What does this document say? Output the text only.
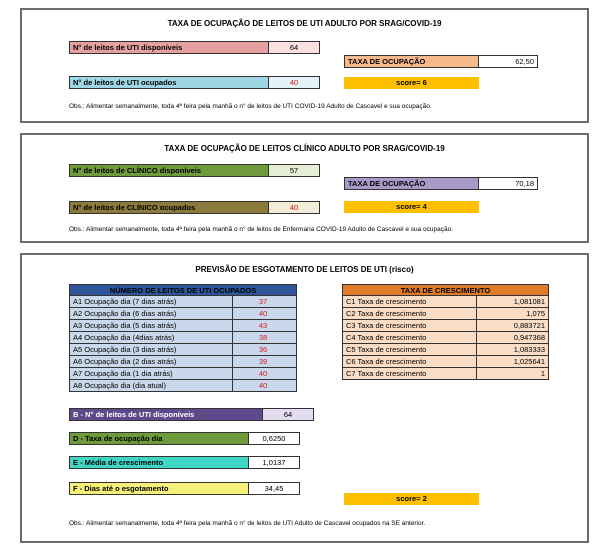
TAXA DE OCUPAÇÃO DE LEITOS DE UTI ADULTO POR SRAG/COVID-19
N° de leitos de UTI disponíveis	64
TAXA DE OCUPAÇÃO	62,50
N° de leitos de UTI ocupados	40	score= 6
Obs.: Alimentar semanalmente, toda 4ª feira pela manhã o n° de leitos de UTI COVID-19 Adulto de Cascavel e sua ocupação.
TAXA DE OCUPAÇÃO DE LEITOS CLÍNICO ADULTO POR SRAG/COVID-19
N° de leitos de CLÍNICO disponíveis	57
TAXA DE OCUPAÇÃO	70,18
N° de leitos de CLÍNICO ocupados	40	score= 4
Obs.: Alimentar semanalmente, toda 4ª feira pela manhã o n° de leitos de Enfermaria COVID-19 Adulto de Cascavel e sua ocupação.
PREVISÃO DE ESGOTAMENTO DE LEITOS DE UTI (risco)
NÚMERO DE LEITOS DE UTI OCUPADOS
A1 Ocupação dia (7 dias atrás)	37
A2 Ocupação dia (6 dias atrás)	40
A3 Ocupação dia (5 dias atrás)	43
A4 Ocupação dia (4dias atrás)	38
A5 Ocupação dia (3 dias atrás)	36
A6 Ocupação dia (2 dias atrás)	39
A7 Ocupação dia (1 dia atrás)	40
A8 Ocupação dia (dia atual)	40
TAXA DE CRESCIMENTO
C1 Taxa de crescimento	1,081081
C2 Taxa de crescimento	1,075
C3 Taxa de crescimento	0,883721
C4 Taxa de crescimento	0,947368
C5 Taxa de crescimento	1,083333
C6 Taxa de crescimento	1,025641
C7 Taxa de crescimento	1
B - N° de leitos de UTI disponíveis	64
D - Taxa de ocupação dia	0,6250
E - Média de crescimento	1,0137
F - Dias até o esgotamento	34,45
score= 2
Obs.: Alimentar semanalmente, toda 4ª feira pela manhã o n° de leitos de UTI Adulto de Cascavel ocupados na SE anterior.
